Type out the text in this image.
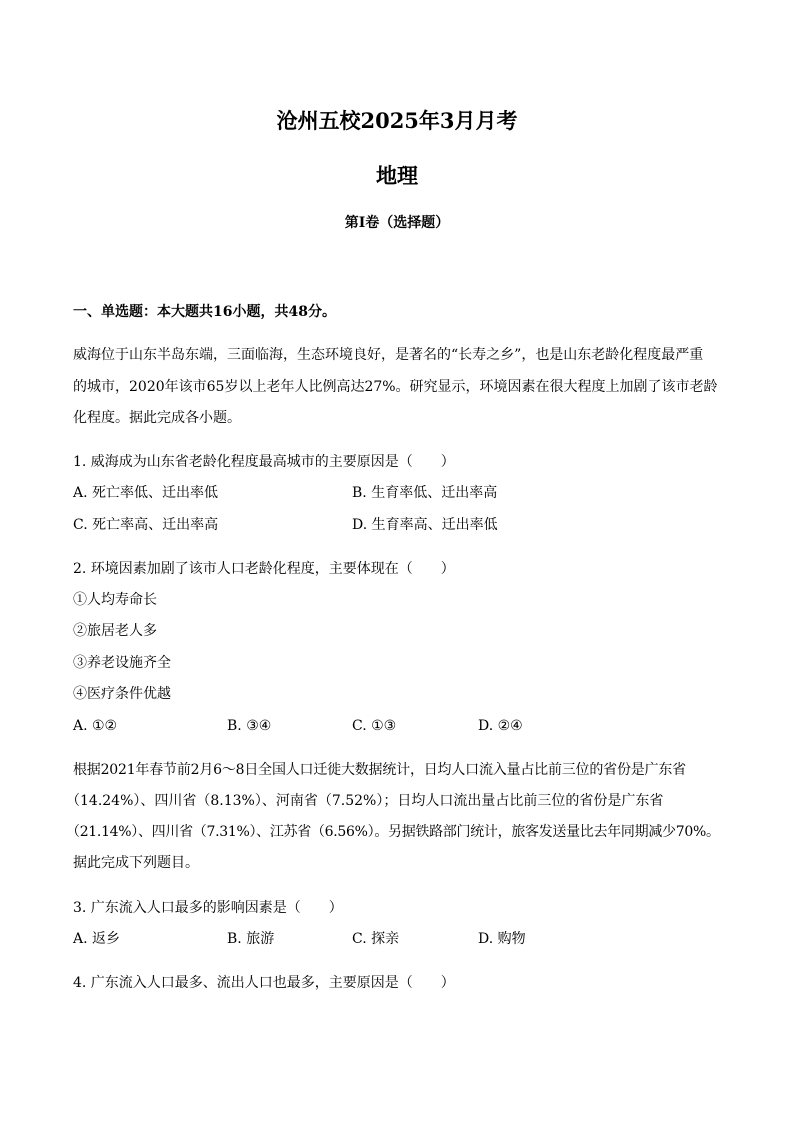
沧州五校2025年3月月考
地理
第I卷（选择题）
一、单选题：本大题共16小题，共48分。
威海位于山东半岛东端，三面临海，生态环境良好，是著名的“长寿之乡”，也是山东老龄化程度最严重
的城市，2020年该市65岁以上老年人比例高达27%。研究显示，环境因素在很大程度上加剧了该市老龄
化程度。据此完成各小题。
1. 威海成为山东省老龄化程度最高城市的主要原因是（　　）
A. 死亡率低、迁出率低	B. 生育率低、迁出率高
C. 死亡率高、迁出率高	D. 生育率高、迁出率低
2. 环境因素加剧了该市人口老龄化程度，主要体现在（　　）
①人均寿命长
②旅居老人多
③养老设施齐全
④医疗条件优越
A. ①②	B. ③④	C. ①③	D. ②④
根据2021年春节前2月6～8日全国人口迁徙大数据统计，日均人口流入量占比前三位的省份是广东省
（14.24%）、四川省（8.13%）、河南省（7.52%）；日均人口流出量占比前三位的省份是广东省
（21.14%）、四川省（7.31%）、江苏省（6.56%）。另据铁路部门统计，旅客发送量比去年同期减少70%。
据此完成下列题目。
3. 广东流入人口最多的影响因素是（　　）
A. 返乡	B. 旅游	C. 探亲	D. 购物
4. 广东流入人口最多、流出人口也最多，主要原因是（　　）
